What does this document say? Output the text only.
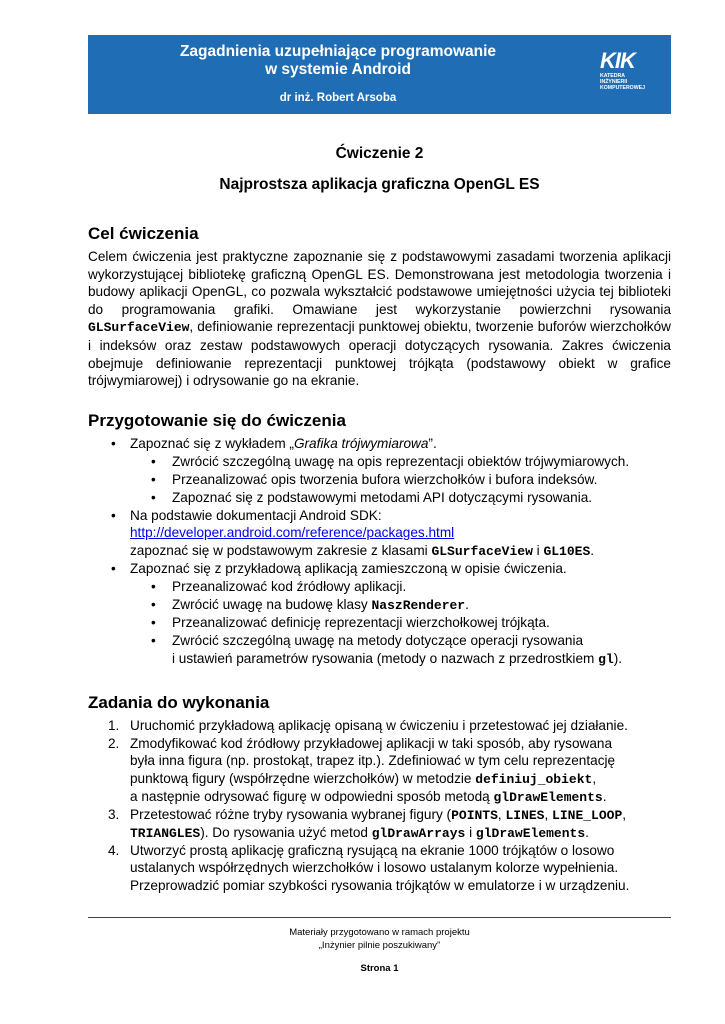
Zagadnienia uzupełniające programowanie
w systemie Android
dr inż. Robert Arsoba
KIK
KATEDRA
INŻYNIERII
KOMPUTEROWEJ
Ćwiczenie 2
Najprostsza aplikacja graficzna OpenGL ES
Cel ćwiczenia
Celem ćwiczenia jest praktyczne zapoznanie się z podstawowymi zasadami tworzenia aplikacji wykorzystującej bibliotekę graficzną OpenGL ES. Demonstrowana jest metodologia tworzenia i budowy aplikacji OpenGL, co pozwala wykształcić podstawowe umiejętności użycia tej biblioteki do programowania grafiki. Omawiane jest wykorzystanie powierzchni rysowania GLSurfaceView, definiowanie reprezentacji punktowej obiektu, tworzenie buforów wierzchołków i indeksów oraz zestaw podstawowych operacji dotyczących rysowania. Zakres ćwiczenia obejmuje definiowanie reprezentacji punktowej trójkąta (podstawowy obiekt w grafice trójwymiarowej) i odrysowanie go na ekranie.
Przygotowanie się do ćwiczenia
• Zapoznać się z wykładem „Grafika trójwymiarowa”.
• Zwrócić szczególną uwagę na opis reprezentacji obiektów trójwymiarowych.
• Przeanalizować opis tworzenia bufora wierzchołków i bufora indeksów.
• Zapoznać się z podstawowymi metodami API dotyczącymi rysowania.
• Na podstawie dokumentacji Android SDK:
http://developer.android.com/reference/packages.html
zapoznać się w podstawowym zakresie z klasami GLSurfaceView i GL10ES.
• Zapoznać się z przykładową aplikacją zamieszczoną w opisie ćwiczenia.
• Przeanalizować kod źródłowy aplikacji.
• Zwrócić uwagę na budowę klasy NaszRenderer.
• Przeanalizować definicję reprezentacji wierzchołkowej trójkąta.
• Zwrócić szczególną uwagę na metody dotyczące operacji rysowania
i ustawień parametrów rysowania (metody o nazwach z przedrostkiem gl).
Zadania do wykonania
1. Uruchomić przykładową aplikację opisaną w ćwiczeniu i przetestować jej działanie.
2. Zmodyfikować kod źródłowy przykładowej aplikacji w taki sposób, aby rysowana
była inna figura (np. prostokąt, trapez itp.). Zdefiniować w tym celu reprezentację
punktową figury (współrzędne wierzchołków) w metodzie definiuj_obiekt,
a następnie odrysować figurę w odpowiedni sposób metodą glDrawElements.
3. Przetestować różne tryby rysowania wybranej figury (POINTS, LINES, LINE_LOOP,
TRIANGLES). Do rysowania użyć metod glDrawArrays i glDrawElements.
4. Utworzyć prostą aplikację graficzną rysującą na ekranie 1000 trójkątów o losowo
ustalanych współrzędnych wierzchołków i losowo ustalanym kolorze wypełnienia.
Przeprowadzić pomiar szybkości rysowania trójkątów w emulatorze i w urządzeniu.
Materiały przygotowano w ramach projektu
„Inżynier pilnie poszukiwany”
Strona 1
